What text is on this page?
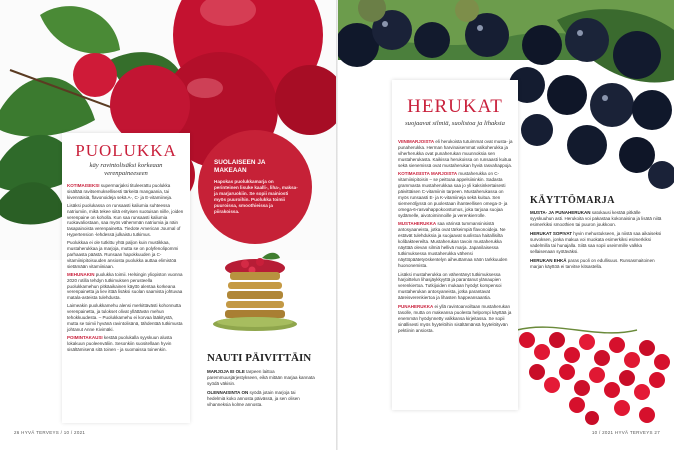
PUOLUKKA
käy ravintolisäksi korkeaan verenpaineeseen

KOTIMAISEKSI supermarjaksi tituleerattu puolukka sisältää ravitsemuksellisesti tärkeitä mangaania, tai kivennäisiä, flavonoideja sekä A-, C- ja E-vitamiineja.

Lisäksi puolukassa on runsaasti kaliumia suhteessa natriumiin, mikä tekee siitä erityisen suotuisan niille, joiden verenpaine on koholla. Kun saa runsaasti kaliumia ruokavaliostaan, saa myös vähemmän natriumia ja näin tasapainoista verenpainetta. Tiedote American Journal of Hypertension -lehdessä julkaistu tutkimus.

Puolukkaa ei ole tutkittu yhtä paljon kuin mustikkaa, mustaherukkaa ja marjoja, mutta se on polyfenolipommi parhaasta päästä. Runsaan hapokkuuden ja C-vitamiinipitoisuuden ansiosta puolukka auttaa elimistöä sietämään vitamiiniaan.

MEHUNAKIN puolukka toimii. Helsingin yliopiston vuonna 2020 rotilla tehdyn tutkimuksen perusteella puolukkamehun pitkäaikainen käyttö alentaa korkeana verenpainetta ja liev ittää lisäksi suolan saamista johtuvaa matala-asteista tulehdusta.

Laimeakin puolukkamehu alensi merkittävästi kohonnutta verenpainetta, ja tulokset olivat yllättävän mehun tehokkuudesta. – Puolukkamehu ei korvaa lääkitystä, mutta se toimii hyvänä ravintolisänä, tähdentää tutkimusta johtanut Anne Kivimäki.

POIMINTAKAUSI kestää puolukalla syyskuun alusta lokakuun puoleenväliin. Sesonkiin suositellaan hyvin sisältämisenä sitä toinen - ja suomaissa toinenkin.

SUOLAISEEN JA MAKEAAN
Hapokas puolukkamarja on perinteinen lisuke kaalli-, liha-, maksa- ja marjaruokiin. Se sopii mainiosti myös puuroihin. Puolukka toimii puuroissa, smoothieissa ja piirakoissa.
NAUTI PÄIVITTÄIN

MARJOJA EI OLE tarpeen laittoa paremmuusjärjestykseen, eikä mitään marjaa kannata syödä väkisin.

OLENNAISINTA ON syödä jotain marjoja tai hedelmiä koko annosta päivässä, ja sen olisen vihanneksia kolme annosta.

26 HYVÄ TERVEYS / 10 / 2021
HERUKAT
suojaavat silmiä, suolistoa ja lihaksia

VIINIMARJOISTA eli herukoista tutuimmat ovat musta- ja punaherukka. Herman harvinaisemmat valkoherukka ja viherherukka ovat punaherukan muunnoksia sen mustaherukasta. Kaikissa herukoissa on runsaasti kuitua sekä sienemissä ovat mustaherukan hyviä rasvahappoja.

KOTIMAISISTA MARJOISTA mustaherukka on C-vitamiinipitoisin – se peittoaa appelsiininkin. Sadasta grammasta mustaherukkaa saa jo yli kaksinkertaisesti päivittäisen C-vitamiinin tarpeen. Mustaherukassa on myös runsaasti E- ja K-vitamiineja sekä kuitua. Sen siemenöljyssä on puolestaan ihanteellisen omega-3- ja omega-6-rasvahappokoostumus, joka tarjoaa suojaa sydämelle, aivotoiminnoille ja verenkierrolle.

MUSTAHERUKKA saa värinsä tummansinisistä antosyaaneista, jotka ovat tärkeimpiä flavonoideja. Ne estävät tulehduksia ja suojaavat suolistoa haitallisilta kolibakteereilta. Mustaherukan tavoin mustaherukka näyttää olevan silmiä hellivä marja. Japanilaisessa tutkimuksessa mustaherukka vähensi näyttöpäätetyöskentelyn aiheuttamaa näön tarkkuuden huononemista.

Lisäksi mustaherukka on vähentänyt tutkimuksessa harjoittelun lihasjäykkyyttä ja parantanut ylänaupien verenkiertoa. Tutkijoiden mukaan hyödyt kompensoi mustaherukan antosyaneista, jotka parantavat ääreisverenkiertoa ja lihasten happeansaantia.

PUNAHERUKKA ei yllä ravintoarvoiltaan mustaherukan tasolle, mutta on makeansa puolesta helpompi käyttää ja enemmän hyödynnetty valkkansa kirjeitassa. Se sopii sinällisesti myös hyytelöihin sisältämänsä hyytelöityvän pektiinin ansiosta.

KÄYTTÖMARJA

MUSTA- JA PUNAHERUKAN satokausi kestää pitkälle syyskuuhun asti. Herukoita voi pakastaa kokonaisina ja lisätä niitä esimerkiksi smoothien tai puuron joukkoon.

HERUKAT SOPIVAT hyvin mehustukseen, ja niistä saa aikaiseksi survoksen, jonka makua voi muokata esimerkiksi esimerkiksi vadelmilla tai hunajalla. Siitä saa sopii useimmille valkka sellaisenaan syötäväksi.

HERUKAN EHKÄ paras puoli on edullisuus. Runsasmaitoinen marjan käyttöä ei tarvitse kitsastella.

10 / 2021 HYVÄ TERVEYS 27
